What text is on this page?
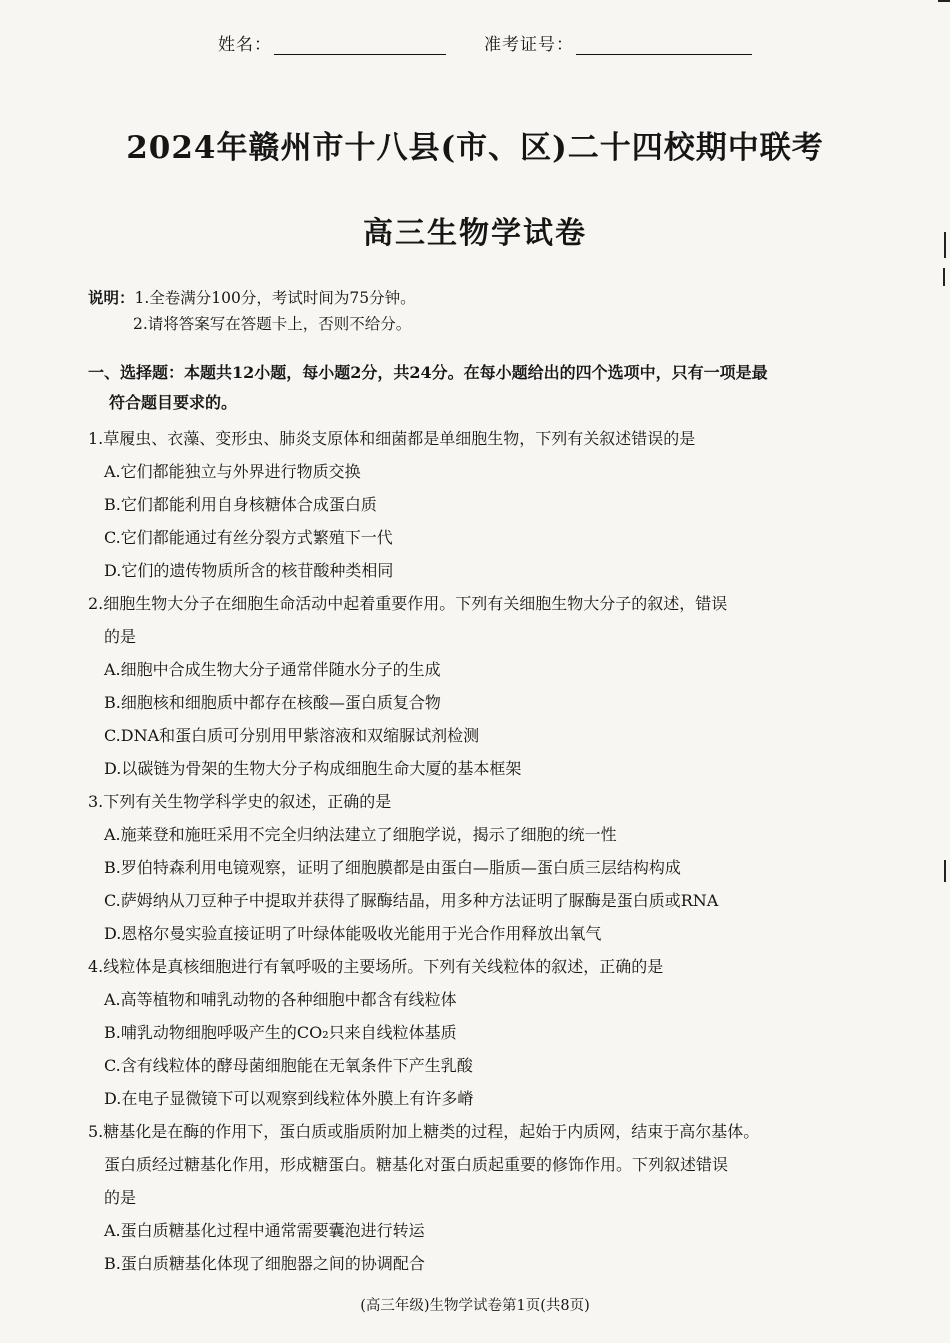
姓名：	准考证号：
2024年赣州市十八县(市、区)二十四校期中联考
高三生物学试卷
说明：1.全卷满分100分，考试时间为75分钟。
2.请将答案写在答题卡上，否则不给分。
一、选择题：本题共12小题，每小题2分，共24分。在每小题给出的四个选项中，只有一项是最
符合题目要求的。
1.草履虫、衣藻、变形虫、肺炎支原体和细菌都是单细胞生物，下列有关叙述错误的是
A.它们都能独立与外界进行物质交换
B.它们都能利用自身核糖体合成蛋白质
C.它们都能通过有丝分裂方式繁殖下一代
D.它们的遗传物质所含的核苷酸种类相同
2.细胞生物大分子在细胞生命活动中起着重要作用。下列有关细胞生物大分子的叙述，错误
的是
A.细胞中合成生物大分子通常伴随水分子的生成
B.细胞核和细胞质中都存在核酸—蛋白质复合物
C.DNA和蛋白质可分别用甲紫溶液和双缩脲试剂检测
D.以碳链为骨架的生物大分子构成细胞生命大厦的基本框架
3.下列有关生物学科学史的叙述，正确的是
A.施莱登和施旺采用不完全归纳法建立了细胞学说，揭示了细胞的统一性
B.罗伯特森利用电镜观察，证明了细胞膜都是由蛋白—脂质—蛋白质三层结构构成
C.萨姆纳从刀豆种子中提取并获得了脲酶结晶，用多种方法证明了脲酶是蛋白质或RNA
D.恩格尔曼实验直接证明了叶绿体能吸收光能用于光合作用释放出氧气
4.线粒体是真核细胞进行有氧呼吸的主要场所。下列有关线粒体的叙述，正确的是
A.高等植物和哺乳动物的各种细胞中都含有线粒体
B.哺乳动物细胞呼吸产生的CO₂只来自线粒体基质
C.含有线粒体的酵母菌细胞能在无氧条件下产生乳酸
D.在电子显微镜下可以观察到线粒体外膜上有许多嵴
5.糖基化是在酶的作用下，蛋白质或脂质附加上糖类的过程，起始于内质网，结束于高尔基体。
蛋白质经过糖基化作用，形成糖蛋白。糖基化对蛋白质起重要的修饰作用。下列叙述错误
的是
A.蛋白质糖基化过程中通常需要囊泡进行转运
B.蛋白质糖基化体现了细胞器之间的协调配合
(高三年级)生物学试卷第1页(共8页)
